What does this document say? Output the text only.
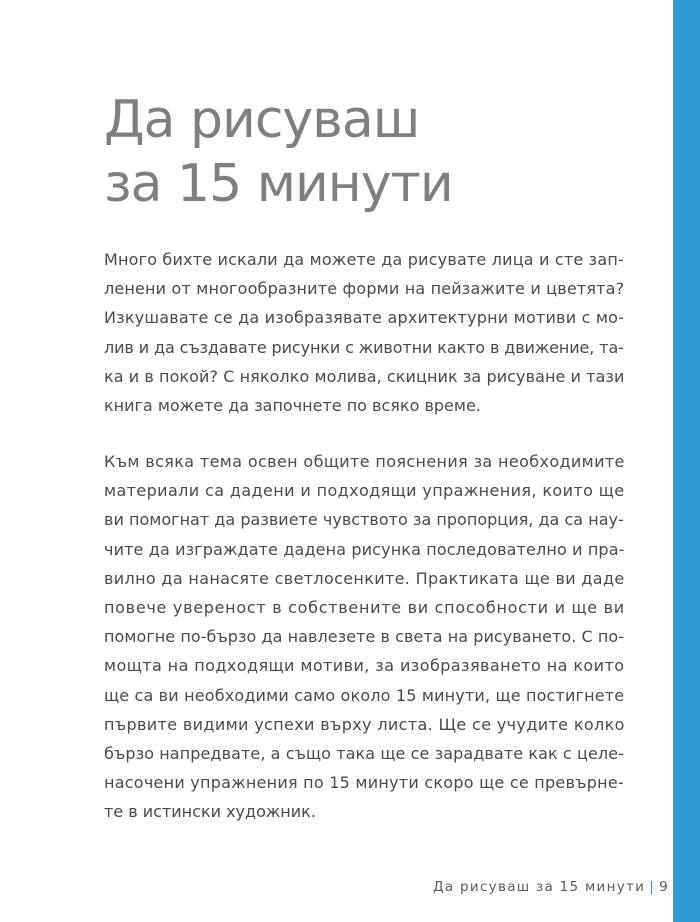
Да рисуваш
за 15 минути

Много бихте искали да можете да рисувате лица и сте зап-
ленени от многообразните форми на пейзажите и цветята?
Изкушавате се да изобразявате архитектурни мотиви с мо-
лив и да създавате рисунки с животни както в движение, та-
ка и в покой? С няколко молива, скицник за рисуване и тази
книга можете да започнете по всяко време.

Към всяка тема освен общите пояснения за необходимите
материали са дадени и подходящи упражнения, които ще
ви помогнат да развиете чувството за пропорция, да са нау-
чите да изграждате дадена рисунка последователно и пра-
вилно да нанасяте светлосенките. Практиката ще ви даде
повече увереност в собствените ви способности и ще ви
помогне по-бързо да навлезете в света на рисуването. С по-
мощта на подходящи мотиви, за изобразяването на които
ще са ви необходими само около 15 минути, ще постигнете
първите видими успехи върху листа. Ще се учудите колко
бързо напредвате, а също така ще се зарадвате как с целе-
насочени упражнения по 15 минути скоро ще се превърне-
те в истински художник.

Да рисуваш за 15 минути | 9
